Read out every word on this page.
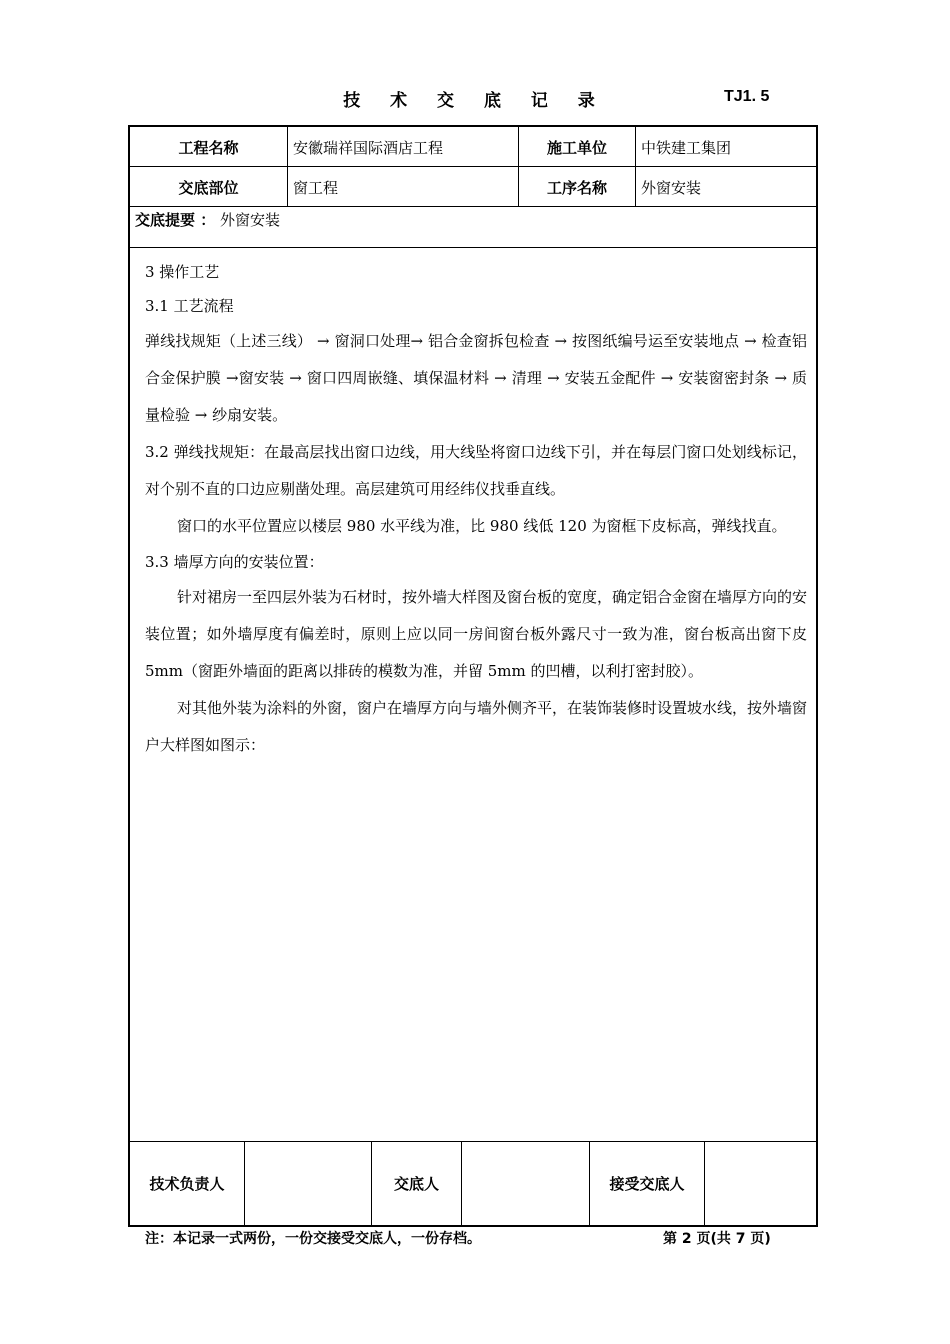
技 术 交 底 记 录	TJ1. 5
工程名称	安徽瑞祥国际酒店工程	施工单位	中铁建工集团
交底部位	窗工程	工序名称	外窗安装
交底提要 ： 外窗安装

3 操作工艺

3.1 工艺流程

弹线找规矩（上述三线） → 窗洞口处理→ 铝合金窗拆包检查 → 按图纸编号运至安装地点 → 检查铝合金保护膜 →窗安装 → 窗口四周嵌缝、填保温材料 → 清理 → 安装五金配件 → 安装窗密封条 → 质量检验 → 纱扇安装。

3.2 弹线找规矩：在最高层找出窗口边线，用大线坠将窗口边线下引，并在每层门窗口处划线标记，对个别不直的口边应剔凿处理。高层建筑可用经纬仪找垂直线。

窗口的水平位置应以楼层 980 水平线为准，比 980 线低 120 为窗框下皮标高，弹线找直。

3.3 墙厚方向的安装位置：

针对裙房一至四层外装为石材时，按外墙大样图及窗台板的宽度，确定铝合金窗在墙厚方向的安装位置；如外墙厚度有偏差时，原则上应以同一房间窗台板外露尺寸一致为准，窗台板高出窗下皮 5mm（窗距外墙面的距离以排砖的模数为准，并留 5mm 的凹槽，以利打密封胶）。

对其他外装为涂料的外窗，窗户在墙厚方向与墙外侧齐平，在装饰装修时设置坡水线，按外墙窗户大样图如图示：

技术负责人	交底人	接受交底人
注：本记录一式两份，一份交接受交底人，一份存档。	第 2 页(共 7 页)
